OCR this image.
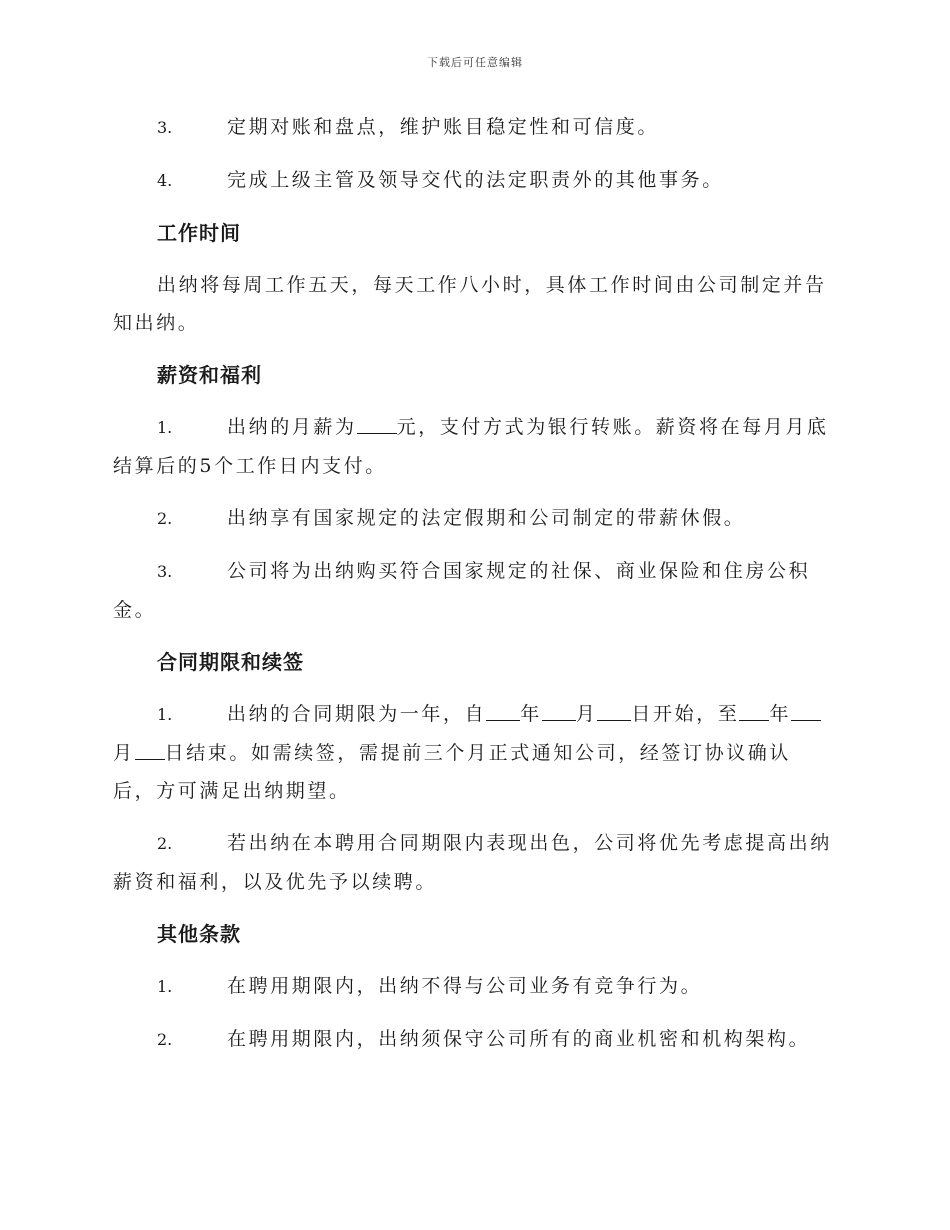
下载后可任意编辑

3.	定期对账和盘点，维护账目稳定性和可信度。

4.	完成上级主管及领导交代的法定职责外的其他事务。

工作时间

出纳将每周工作五天，每天工作八小时，具体工作时间由公司制定并告知出纳。

薪资和福利

1.	出纳的月薪为 元，支付方式为银行转账。薪资将在每月月底结算后的5个工作日内支付。

2.	出纳享有国家规定的法定假期和公司制定的带薪休假。

3.	公司将为出纳购买符合国家规定的社保、商业保险和住房公积金。

合同期限和续签

1.	出纳的合同期限为一年，自 年 月 日开始，至 年月 日结束。如需续签，需提前三个月正式通知公司，经签订协议确认后，方可满足出纳期望。

2.	若出纳在本聘用合同期限内表现出色，公司将优先考虑提高出纳薪资和福利，以及优先予以续聘。

其他条款

1.	在聘用期限内，出纳不得与公司业务有竞争行为。

2.	在聘用期限内，出纳须保守公司所有的商业机密和机构架构。
